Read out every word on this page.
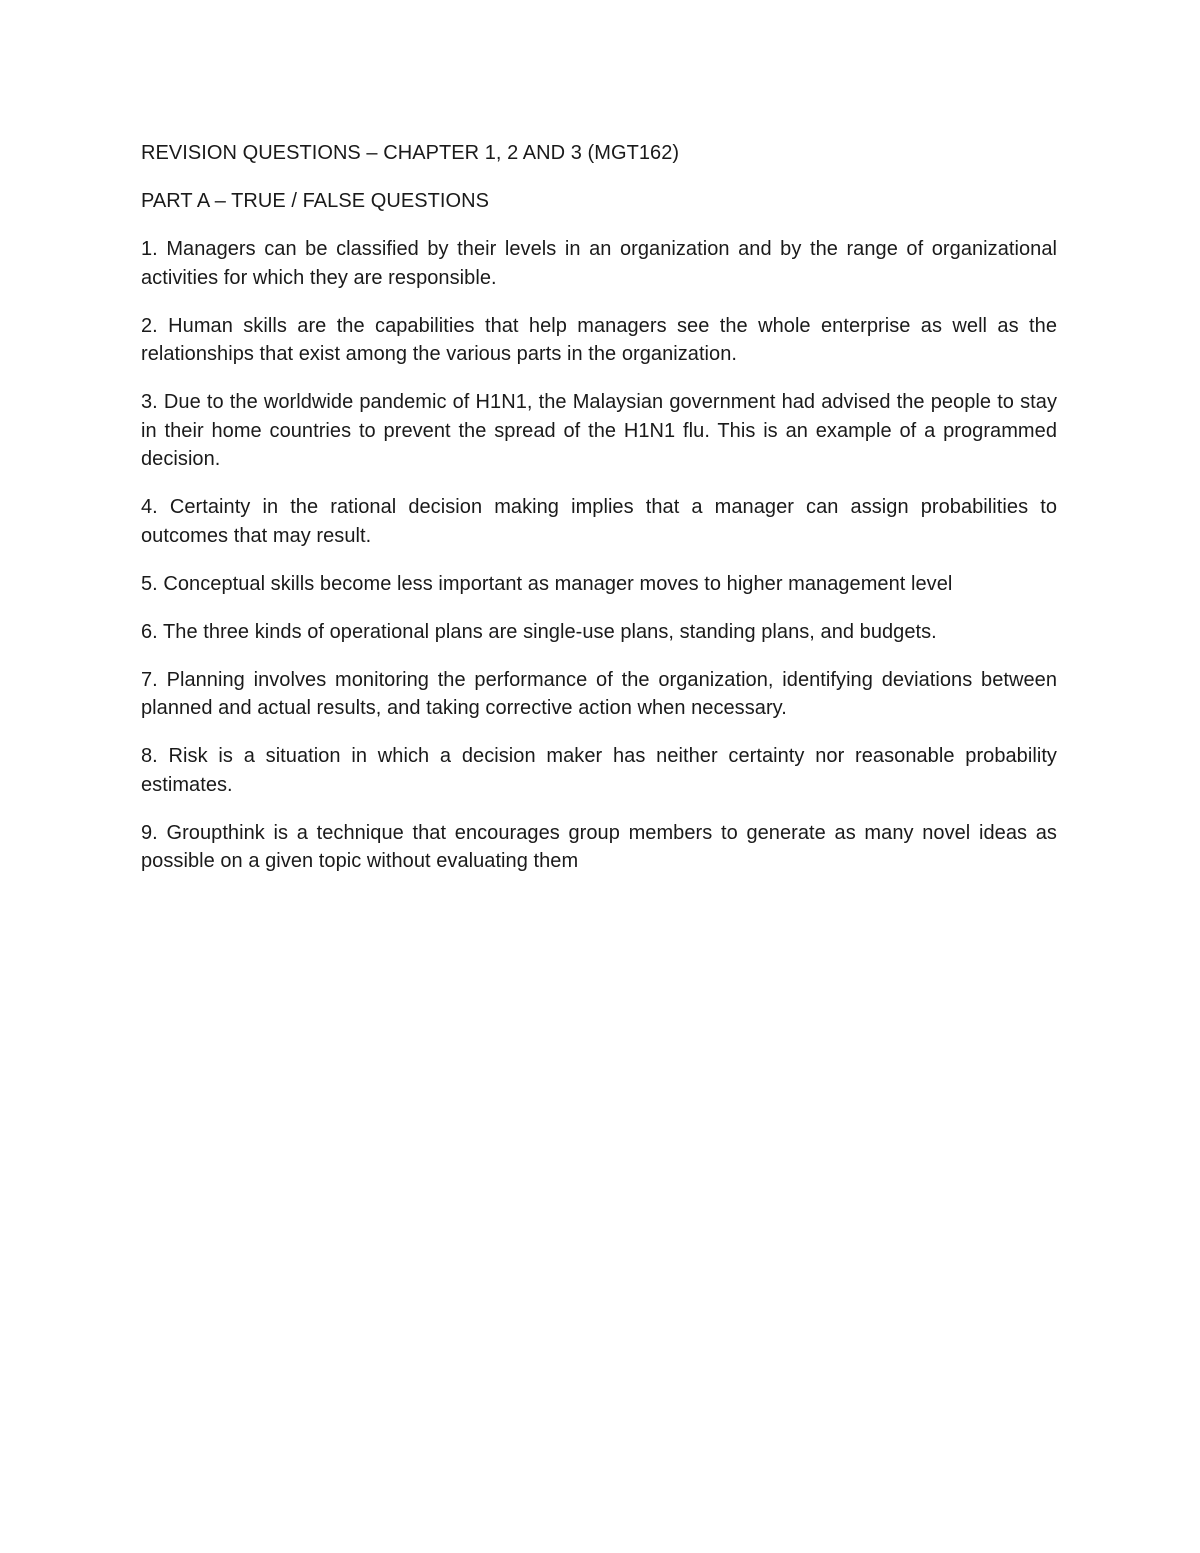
REVISION QUESTIONS – CHAPTER 1, 2 AND 3 (MGT162)

PART A – TRUE / FALSE QUESTIONS

1. Managers can be classified by their levels in an organization and by the range of organizational activities for which they are responsible.

2. Human skills are the capabilities that help managers see the whole enterprise as well as the relationships that exist among the various parts in the organization.

3. Due to the worldwide pandemic of H1N1, the Malaysian government had advised the people to stay in their home countries to prevent the spread of the H1N1 flu. This is an example of a programmed decision.

4. Certainty in the rational decision making implies that a manager can assign probabilities to outcomes that may result.

5. Conceptual skills become less important as manager moves to higher management level

6. The three kinds of operational plans are single-use plans, standing plans, and budgets.

7. Planning involves monitoring the performance of the organization, identifying deviations between planned and actual results, and taking corrective action when necessary.

8. Risk is a situation in which a decision maker has neither certainty nor reasonable probability estimates.

9. Groupthink is a technique that encourages group members to generate as many novel ideas as possible on a given topic without evaluating them
